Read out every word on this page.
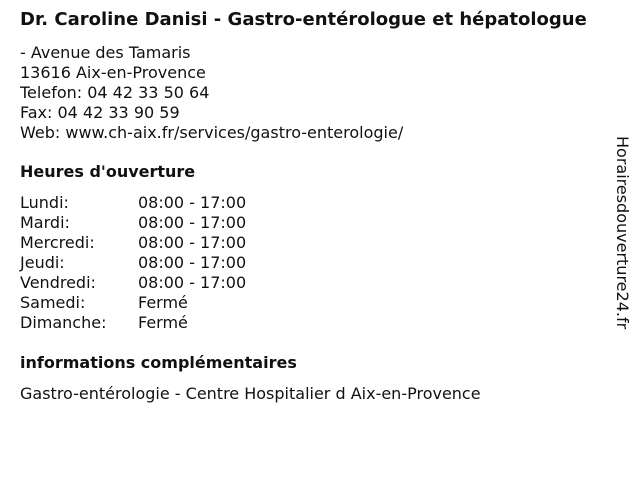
Dr. Caroline Danisi - Gastro-entérologue et hépatologue
- Avenue des Tamaris
13616 Aix-en-Provence
Telefon: 04 42 33 50 64
Fax: 04 42 33 90 59
Web: www.ch-aix.fr/services/gastro-enterologie/
Heures d'ouverture
Lundi:	08:00 - 17:00
Mardi:	08:00 - 17:00
Mercredi:	08:00 - 17:00
Jeudi:	08:00 - 17:00
Vendredi:	08:00 - 17:00
Samedi:	Fermé
Dimanche:	Fermé
informations complémentaires
Gastro-entérologie - Centre Hospitalier d Aix-en-Provence
Horairesdouverture24.fr
